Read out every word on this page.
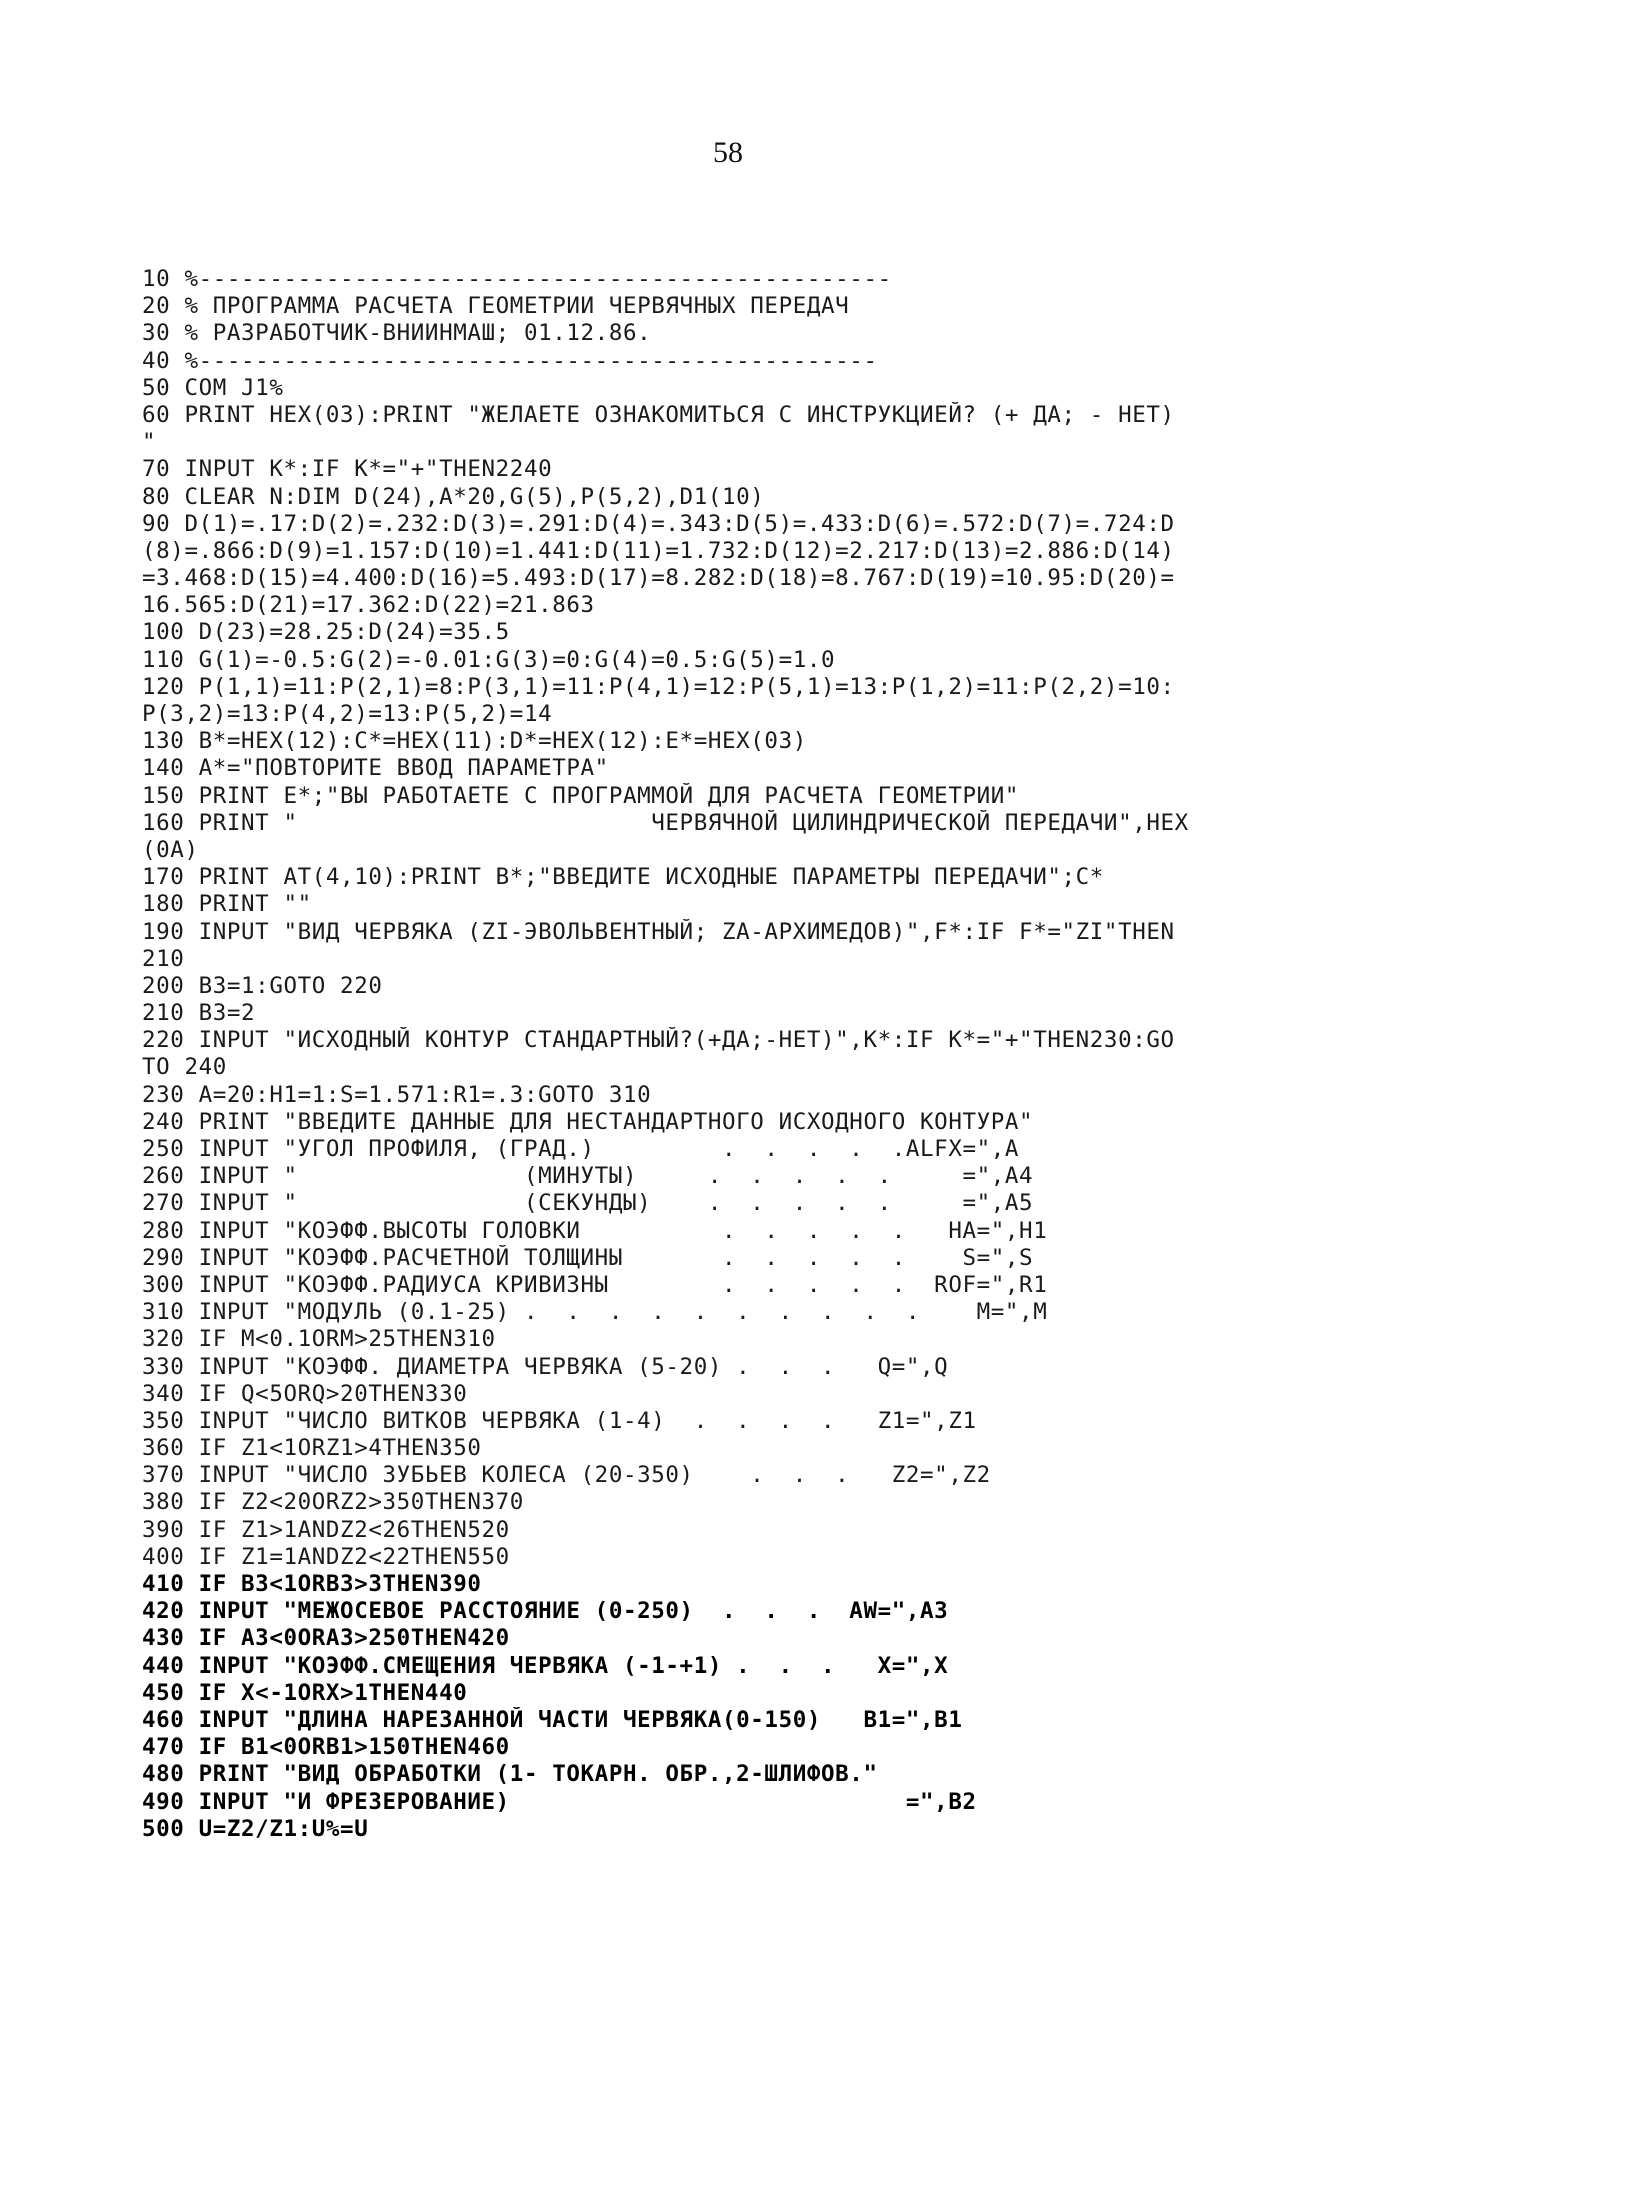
58
10 %-------------------------------------------------
20 % ПРОГРАММА РАСЧЕТА ГЕОМЕТРИИ ЧЕРВЯЧНЫХ ПЕРЕДАЧ
30 % РАЗРАБОТЧИК-ВНИИНМАШ; 01.12.86.
40 %------------------------------------------------
50 COM J1%
60 PRINT HEX(03):PRINT "ЖЕЛАЕТЕ ОЗНАКОМИТЬСЯ С ИНСТРУКЦИЕЙ? (+ ДА; - НЕТ)
"
70 INPUT K*:IF K*="+"THEN2240
80 CLEAR N:DIM D(24),A*20,G(5),P(5,2),D1(10)
90 D(1)=.17:D(2)=.232:D(3)=.291:D(4)=.343:D(5)=.433:D(6)=.572:D(7)=.724:D
(8)=.866:D(9)=1.157:D(10)=1.441:D(11)=1.732:D(12)=2.217:D(13)=2.886:D(14)
=3.468:D(15)=4.400:D(16)=5.493:D(17)=8.282:D(18)=8.767:D(19)=10.95:D(20)=
16.565:D(21)=17.362:D(22)=21.863
100 D(23)=28.25:D(24)=35.5
110 G(1)=-0.5:G(2)=-0.01:G(3)=0:G(4)=0.5:G(5)=1.0
120 P(1,1)=11:P(2,1)=8:P(3,1)=11:P(4,1)=12:P(5,1)=13:P(1,2)=11:P(2,2)=10:
P(3,2)=13:P(4,2)=13:P(5,2)=14
130 B*=HEX(12):C*=HEX(11):D*=HEX(12):E*=HEX(03)
140 A*="ПОВТОРИТЕ ВВОД ПАРАМЕТРА"
150 PRINT E*;"ВЫ РАБОТАЕТЕ С ПРОГРАММОЙ ДЛЯ РАСЧЕТА ГЕОМЕТРИИ"
160 PRINT "                         ЧЕРВЯЧНОЙ ЦИЛИНДРИЧЕСКОЙ ПЕРЕДАЧИ",HEX
(0A)
170 PRINT AT(4,10):PRINT B*;"ВВЕДИТЕ ИСХОДНЫЕ ПАРАМЕТРЫ ПЕРЕДАЧИ";C*
180 PRINT ""
190 INPUT "ВИД ЧЕРВЯКА (ZI-ЭВОЛЬВЕНТНЫЙ; ZA-АРХИМЕДОВ)",F*:IF F*="ZI"THEN
210
200 B3=1:GOTO 220
210 B3=2
220 INPUT "ИСХОДНЫЙ КОНТУР СТАНДАРТНЫЙ?(+ДА;-НЕТ)",K*:IF K*="+"THEN230:GO
TO 240
230 A=20:H1=1:S=1.571:R1=.3:GOTO 310
240 PRINT "ВВЕДИТЕ ДАННЫЕ ДЛЯ НЕСТАНДАРТНОГО ИСХОДНОГО КОНТУРА"
250 INPUT "УГОЛ ПРОФИЛЯ, (ГРАД.)         .  .  .  .  .ALFX=",A
260 INPUT "                (МИНУТЫ)     .  .  .  .  .     =",A4
270 INPUT "                (СЕКУНДЫ)    .  .  .  .  .     =",A5
280 INPUT "КОЭФФ.ВЫСОТЫ ГОЛОВКИ          .  .  .  .  .   HA=",H1
290 INPUT "КОЭФФ.РАСЧЕТНОЙ ТОЛЩИНЫ       .  .  .  .  .    S=",S
300 INPUT "КОЭФФ.РАДИУСА КРИВИЗНЫ        .  .  .  .  .  ROF=",R1
310 INPUT "МОДУЛЬ (0.1-25) .  .  .  .  .  .  .  .  .  .    M=",M
320 IF M<0.1ORM>25THEN310
330 INPUT "КОЭФФ. ДИАМЕТРА ЧЕРВЯКА (5-20) .  .  .   Q=",Q
340 IF Q<5ORQ>20THEN330
350 INPUT "ЧИСЛО ВИТКОВ ЧЕРВЯКА (1-4)  .  .  .  .   Z1=",Z1
360 IF Z1<1ORZ1>4THEN350
370 INPUT "ЧИСЛО ЗУБЬЕВ КОЛЕСА (20-350)    .  .  .   Z2=",Z2
380 IF Z2<20ORZ2>350THEN370
390 IF Z1>1ANDZ2<26THEN520
400 IF Z1=1ANDZ2<22THEN550
410 IF B3<1ORB3>3THEN390
420 INPUT "МЕЖОСЕВОЕ РАССТОЯНИЕ (0-250)  .  .  .  AW=",A3
430 IF A3<0ORA3>250THEN420
440 INPUT "КОЭФФ.СМЕЩЕНИЯ ЧЕРВЯКА (-1-+1) .  .  .   X=",X
450 IF X<-1ORX>1THEN440
460 INPUT "ДЛИНА НАРЕЗАННОЙ ЧАСТИ ЧЕРВЯКА(0-150)   B1=",B1
470 IF B1<0ORB1>150THEN460
480 PRINT "ВИД ОБРАБОТКИ (1- ТОКАРН. ОБР.,2-ШЛИФОВ."
490 INPUT "И ФРЕЗЕРОВАНИЕ)                            =",B2
500 U=Z2/Z1:U%=U
